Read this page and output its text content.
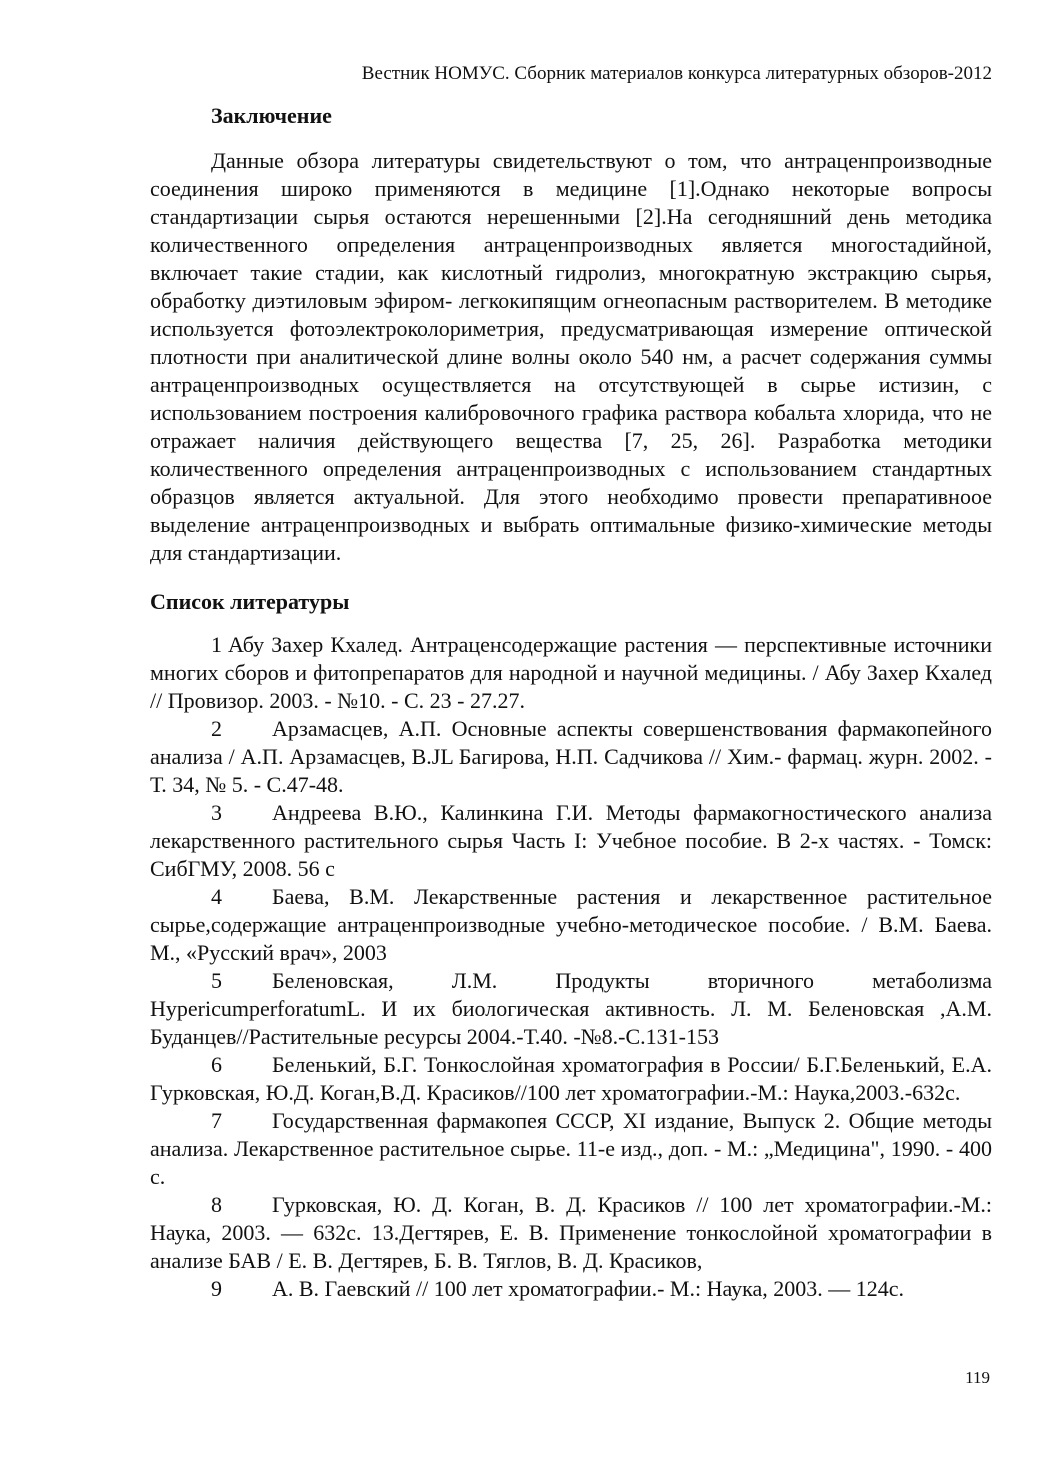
Вестник НОМУС. Сборник материалов конкурса литературных обзоров-2012
Заключение

Данные обзора литературы свидетельствуют о том, что антраценпроизводные соединения широко применяются в медицине [1].Однако некоторые вопросы стандартизации сырья остаются нерешенными [2].На сегодняшний день методика количественного определения антраценпроизводных является многостадийной, включает такие стадии, как кислотный гидролиз, многократную экстракцию сырья, обработку диэтиловым эфиром- легкокипящим огнеопасным растворителем. В методике используется фотоэлектроколориметрия, предусматривающая измерение оптической плотности при аналитической длине волны около 540 нм, а расчет содержания суммы антраценпроизводных осуществляется на отсутствующей в сырье истизин, с использованием построения калибровочного графика раствора кобальта хлорида, что не отражает наличия действующего вещества [7, 25, 26]. Разработка методики количественного определения антраценпроизводных с использованием стандартных образцов является актуальной. Для этого необходимо провести препаративноое выделение антраценпроизводных и выбрать оптимальные физико-химические методы для стандартизации.

Список литературы
1 Абу Захер Кхалед. Антраценсодержащие растения — перспективные источники многих сборов и фитопрепаратов для народной и научной медицины. / Абу Захер Кхалед // Провизор. 2003. - №10. - С. 23 - 27.27.
2 Арзамасцев, А.П. Основные аспекты совершенствования фармакопейного анализа / А.П. Арзамасцев, В.JL Багирова, Н.П. Садчикова // Хим.- фармац. журн. 2002. - Т. 34, № 5. - С.47-48.
3 Андреева В.Ю., Калинкина Г.И. Методы фармакогностического анализа лекарственного растительного сырья Часть I: Учебное пособие. В 2-х частях. - Томск: СибГМУ, 2008. 56 с
4 Баева, В.М. Лекарственные растения и лекарственное растительное сырье,содержащие антраценпроизводные учебно-методическое пособие. / В.М. Баева. М., «Русский врач», 2003
5 Беленовская, Л.М. Продукты вторичного метаболизма HypericumperforatumL. И их биологическая активность. Л. М. Беленовская ,А.М. Буданцев//Растительные ресурсы 2004.-Т.40. -№8.-С.131-153
6 Беленький, Б.Г. Тонкослойная хроматография в России/ Б.Г.Беленький, Е.А. Гурковская, Ю.Д. Коган,В.Д. Красиков//100 лет хроматографии.-М.: Наука,2003.-632с.
7 Государственная фармакопея СССР, XI издание, Выпуск 2. Общие методы анализа. Лекарственное растительное сырье. 11-е изд., доп. - М.: „Медицина", 1990. - 400 с.
8 Гурковская, Ю. Д. Коган, В. Д. Красиков // 100 лет хроматографии.-М.: Наука, 2003. — 632с. 13.Дегтярев, Е. В. Применение тонкослойной хроматографии в анализе БАВ / Е. В. Дегтярев, Б. В. Тяглов, В. Д. Красиков,
9 А. В. Гаевский // 100 лет хроматографии.- М.: Наука, 2003. — 124с.
119
